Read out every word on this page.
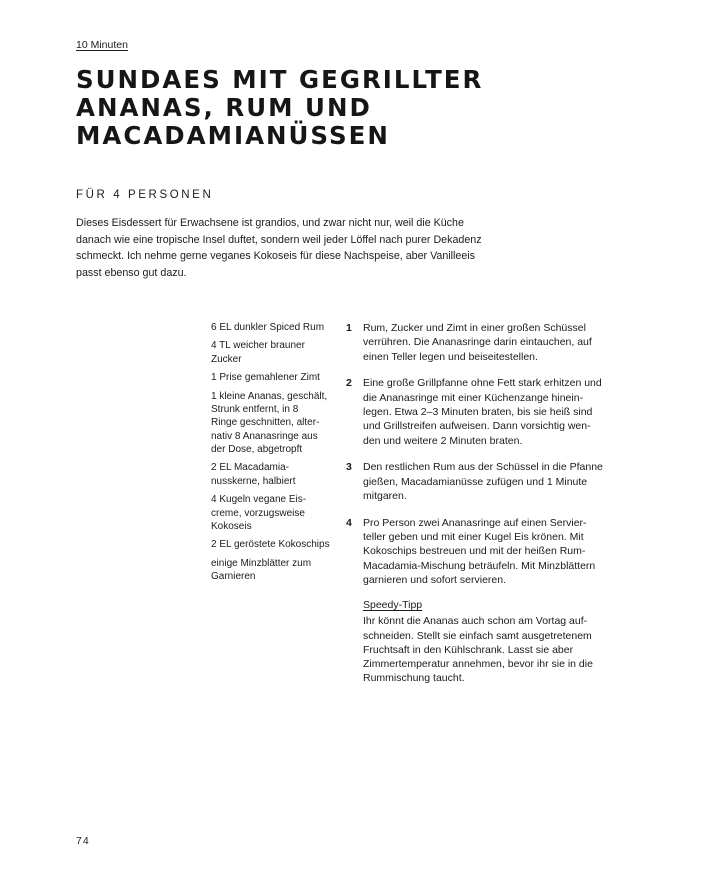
10 Minuten
SUNDAES MIT GEGRILLTER
ANANAS, RUM UND
MACADAMIANÜSSEN
FÜR 4 PERSONEN
Dieses Eisdessert für Erwachsene ist grandios, und zwar nicht nur, weil die Küche
danach wie eine tropische Insel duftet, sondern weil jeder Löffel nach purer Dekadenz
schmeckt. Ich nehme gerne veganes Kokoseis für diese Nachspeise, aber Vanilleeis
passt ebenso gut dazu.
6 EL dunkler Spiced Rum
4 TL weicher brauner
Zucker
1 Prise gemahlener Zimt
1 kleine Ananas, geschält,
Strunk entfernt, in 8
Ringe geschnitten, alter-
nativ 8 Ananasringe aus
der Dose, abgetropft
2 EL Macadamia-
nusskerne, halbiert
4 Kugeln vegane Eis-
creme, vorzugsweise
Kokoseis
2 EL geröstete Kokoschips
einige Minzblätter zum
Garnieren
1 Rum, Zucker und Zimt in einer großen Schüssel
verrühren. Die Ananasringe darin eintauchen, auf
einen Teller legen und beiseitestellen.
2 Eine große Grillpfanne ohne Fett stark erhitzen und
die Ananasringe mit einer Küchenzange hinein-
legen. Etwa 2–3 Minuten braten, bis sie heiß sind
und Grillstreifen aufweisen. Dann vorsichtig wen-
den und weitere 2 Minuten braten.
3 Den restlichen Rum aus der Schüssel in die Pfanne
gießen, Macadamianüsse zufügen und 1 Minute
mitgaren.
4 Pro Person zwei Ananasringe auf einen Servier-
teller geben und mit einer Kugel Eis krönen. Mit
Kokoschips bestreuen und mit der heißen Rum-
Macadamia-Mischung beträufeln. Mit Minzblättern
garnieren und sofort servieren.
Speedy-Tipp
Ihr könnt die Ananas auch schon am Vortag auf-
schneiden. Stellt sie einfach samt ausgetretenem
Fruchtsaft in den Kühlschrank. Lasst sie aber
Zimmertemperatur annehmen, bevor ihr sie in die
Rummischung taucht.
74
